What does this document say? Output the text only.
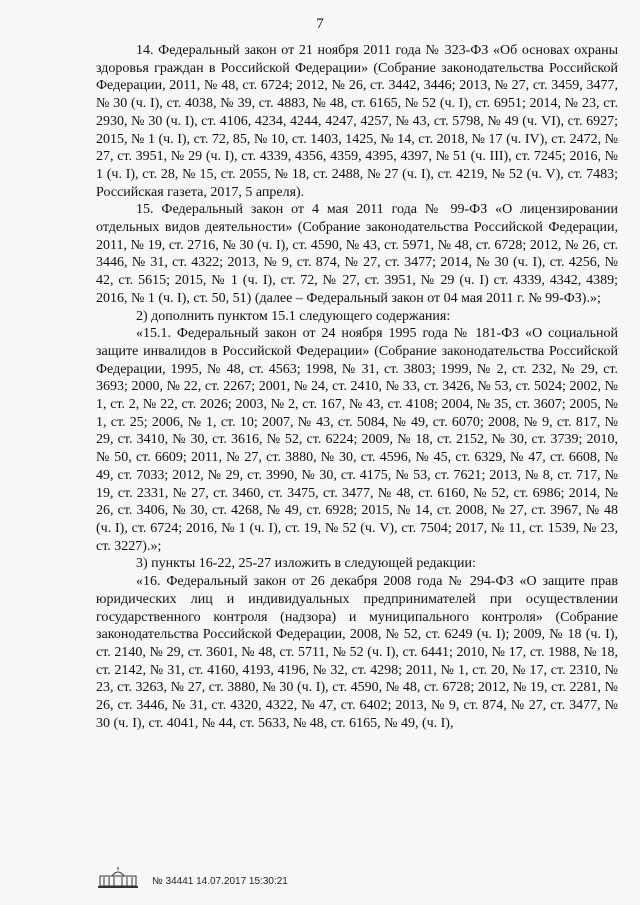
7

14. Федеральный закон от 21 ноября 2011 года № 323-ФЗ «Об основах охраны здоровья граждан в Российской Федерации» (Собрание законодательства Российской Федерации, 2011, № 48, ст. 6724; 2012, № 26, ст. 3442, 3446; 2013, № 27, ст. 3459, 3477, № 30 (ч. I), ст. 4038, № 39, ст. 4883, № 48, ст. 6165, № 52 (ч. I), ст. 6951; 2014, № 23, ст. 2930, № 30 (ч. I), ст. 4106, 4234, 4244, 4247, 4257, № 43, ст. 5798, № 49 (ч. VI), ст. 6927; 2015, № 1 (ч. I), ст. 72, 85, № 10, ст. 1403, 1425, № 14, ст. 2018, № 17 (ч. IV), ст. 2472, № 27, ст. 3951, № 29 (ч. I), ст. 4339, 4356, 4359, 4395, 4397, № 51 (ч. III), ст. 7245; 2016, № 1 (ч. I), ст. 28, № 15, ст. 2055, № 18, ст. 2488, № 27 (ч. I), ст. 4219, № 52 (ч. V), ст. 7483; Российская газета, 2017, 5 апреля).

15. Федеральный закон от 4 мая 2011 года № 99-ФЗ «О лицензировании отдельных видов деятельности» (Собрание законодательства Российской Федерации, 2011, № 19, ст. 2716, № 30 (ч. I), ст. 4590, № 43, ст. 5971, № 48, ст. 6728; 2012, № 26, ст. 3446, № 31, ст. 4322; 2013, № 9, ст. 874, № 27, ст. 3477; 2014, № 30 (ч. I), ст. 4256, № 42, ст. 5615; 2015, № 1 (ч. I), ст. 72, № 27, ст. 3951, № 29 (ч. I) ст. 4339, 4342, 4389; 2016, № 1 (ч. I), ст. 50, 51) (далее – Федеральный закон от 04 мая 2011 г. № 99-ФЗ).»;

2) дополнить пунктом 15.1 следующего содержания:

«15.1. Федеральный закон от 24 ноября 1995 года № 181-ФЗ «О социальной защите инвалидов в Российской Федерации» (Собрание законодательства Российской Федерации, 1995, № 48, ст. 4563; 1998, № 31, ст. 3803; 1999, № 2, ст. 232, № 29, ст. 3693; 2000, № 22, ст. 2267; 2001, № 24, ст. 2410, № 33, ст. 3426, № 53, ст. 5024; 2002, № 1, ст. 2, № 22, ст. 2026; 2003, № 2, ст. 167, № 43, ст. 4108; 2004, № 35, ст. 3607; 2005, № 1, ст. 25; 2006, № 1, ст. 10; 2007, № 43, ст. 5084, № 49, ст. 6070; 2008, № 9, ст. 817, № 29, ст. 3410, № 30, ст. 3616, № 52, ст. 6224; 2009, № 18, ст. 2152, № 30, ст. 3739; 2010, № 50, ст. 6609; 2011, № 27, ст. 3880, № 30, ст. 4596, № 45, ст. 6329, № 47, ст. 6608, № 49, ст. 7033; 2012, № 29, ст. 3990, № 30, ст. 4175, № 53, ст. 7621; 2013, № 8, ст. 717, № 19, ст. 2331, № 27, ст. 3460, ст. 3475, ст. 3477, № 48, ст. 6160, № 52, ст. 6986; 2014, № 26, ст. 3406, № 30, ст. 4268, № 49, ст. 6928; 2015, № 14, ст. 2008, № 27, ст. 3967, № 48 (ч. I), ст. 6724; 2016, № 1 (ч. I), ст. 19, № 52 (ч. V), ст. 7504; 2017, № 11, ст. 1539, № 23, ст. 3227).»;

3) пункты 16-22, 25-27 изложить в следующей редакции:

«16. Федеральный закон от 26 декабря 2008 года № 294-ФЗ «О защите прав юридических лиц и индивидуальных предпринимателей при осуществлении государственного контроля (надзора) и муниципального контроля» (Собрание законодательства Российской Федерации, 2008, № 52, ст. 6249 (ч. I); 2009, № 18 (ч. I), ст. 2140, № 29, ст. 3601, № 48, ст. 5711, № 52 (ч. I), ст. 6441; 2010, № 17, ст. 1988, № 18, ст. 2142, № 31, ст. 4160, 4193, 4196, № 32, ст. 4298; 2011, № 1, ст. 20, № 17, ст. 2310, № 23, ст. 3263, № 27, ст. 3880, № 30 (ч. I), ст. 4590, № 48, ст. 6728; 2012, № 19, ст. 2281, № 26, ст. 3446, № 31, ст. 4320, 4322, № 47, ст. 6402; 2013, № 9, ст. 874, № 27, ст. 3477, № 30 (ч. I), ст. 4041, № 44, ст. 5633, № 48, ст. 6165, № 49, (ч. I),

№ 34441 14.07.2017 15:30:21
